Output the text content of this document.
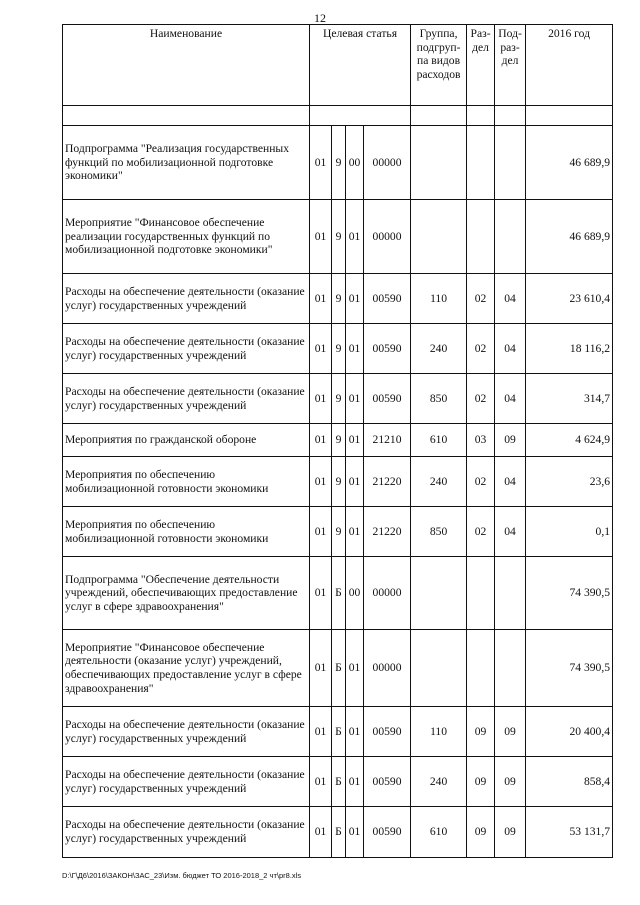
12
Наименование	Целевая статья				Группа, подгруп-па видов расходов	Раз-дел	Под-раз-дел	2016 год

Подпрограмма "Реализация государственных функций по мобилизационной подготовке экономики"	01	9	00	00000				46 689,9
Мероприятие "Финансовое обеспечение реализации государственных функций по мобилизационной подготовке экономики"	01	9	01	00000				46 689,9
Расходы на обеспечение деятельности (оказание услуг) государственных учреждений	01	9	01	00590	110	02	04	23 610,4
Расходы на обеспечение деятельности (оказание услуг) государственных учреждений	01	9	01	00590	240	02	04	18 116,2
Расходы на обеспечение деятельности (оказание услуг) государственных учреждений	01	9	01	00590	850	02	04	314,7
Мероприятия по гражданской обороне	01	9	01	21210	610	03	09	4 624,9
Мероприятия по обеспечению мобилизационной готовности экономики	01	9	01	21220	240	02	04	23,6
Мероприятия по обеспечению мобилизационной готовности экономики	01	9	01	21220	850	02	04	0,1
Подпрограмма "Обеспечение деятельности учреждений, обеспечивающих предоставление услуг в сфере здравоохранения"	01	Б	00	00000				74 390,5
Мероприятие "Финансовое обеспечение деятельности (оказание услуг) учреждений, обеспечивающих предоставление услуг в сфере здравоохранения"	01	Б	01	00000				74 390,5
Расходы на обеспечение деятельности (оказание услуг) государственных учреждений	01	Б	01	00590	110	09	09	20 400,4
Расходы на обеспечение деятельности (оказание услуг) государственных учреждений	01	Б	01	00590	240	09	09	858,4
Расходы на обеспечение деятельности (оказание услуг) государственных учреждений	01	Б	01	00590	610	09	09	53 131,7
D:\Г\Д6\2016\ЗАКОН\ЗАС_23\Изм. бюджет ТО 2016-2018_2 чт\pr8.xls
